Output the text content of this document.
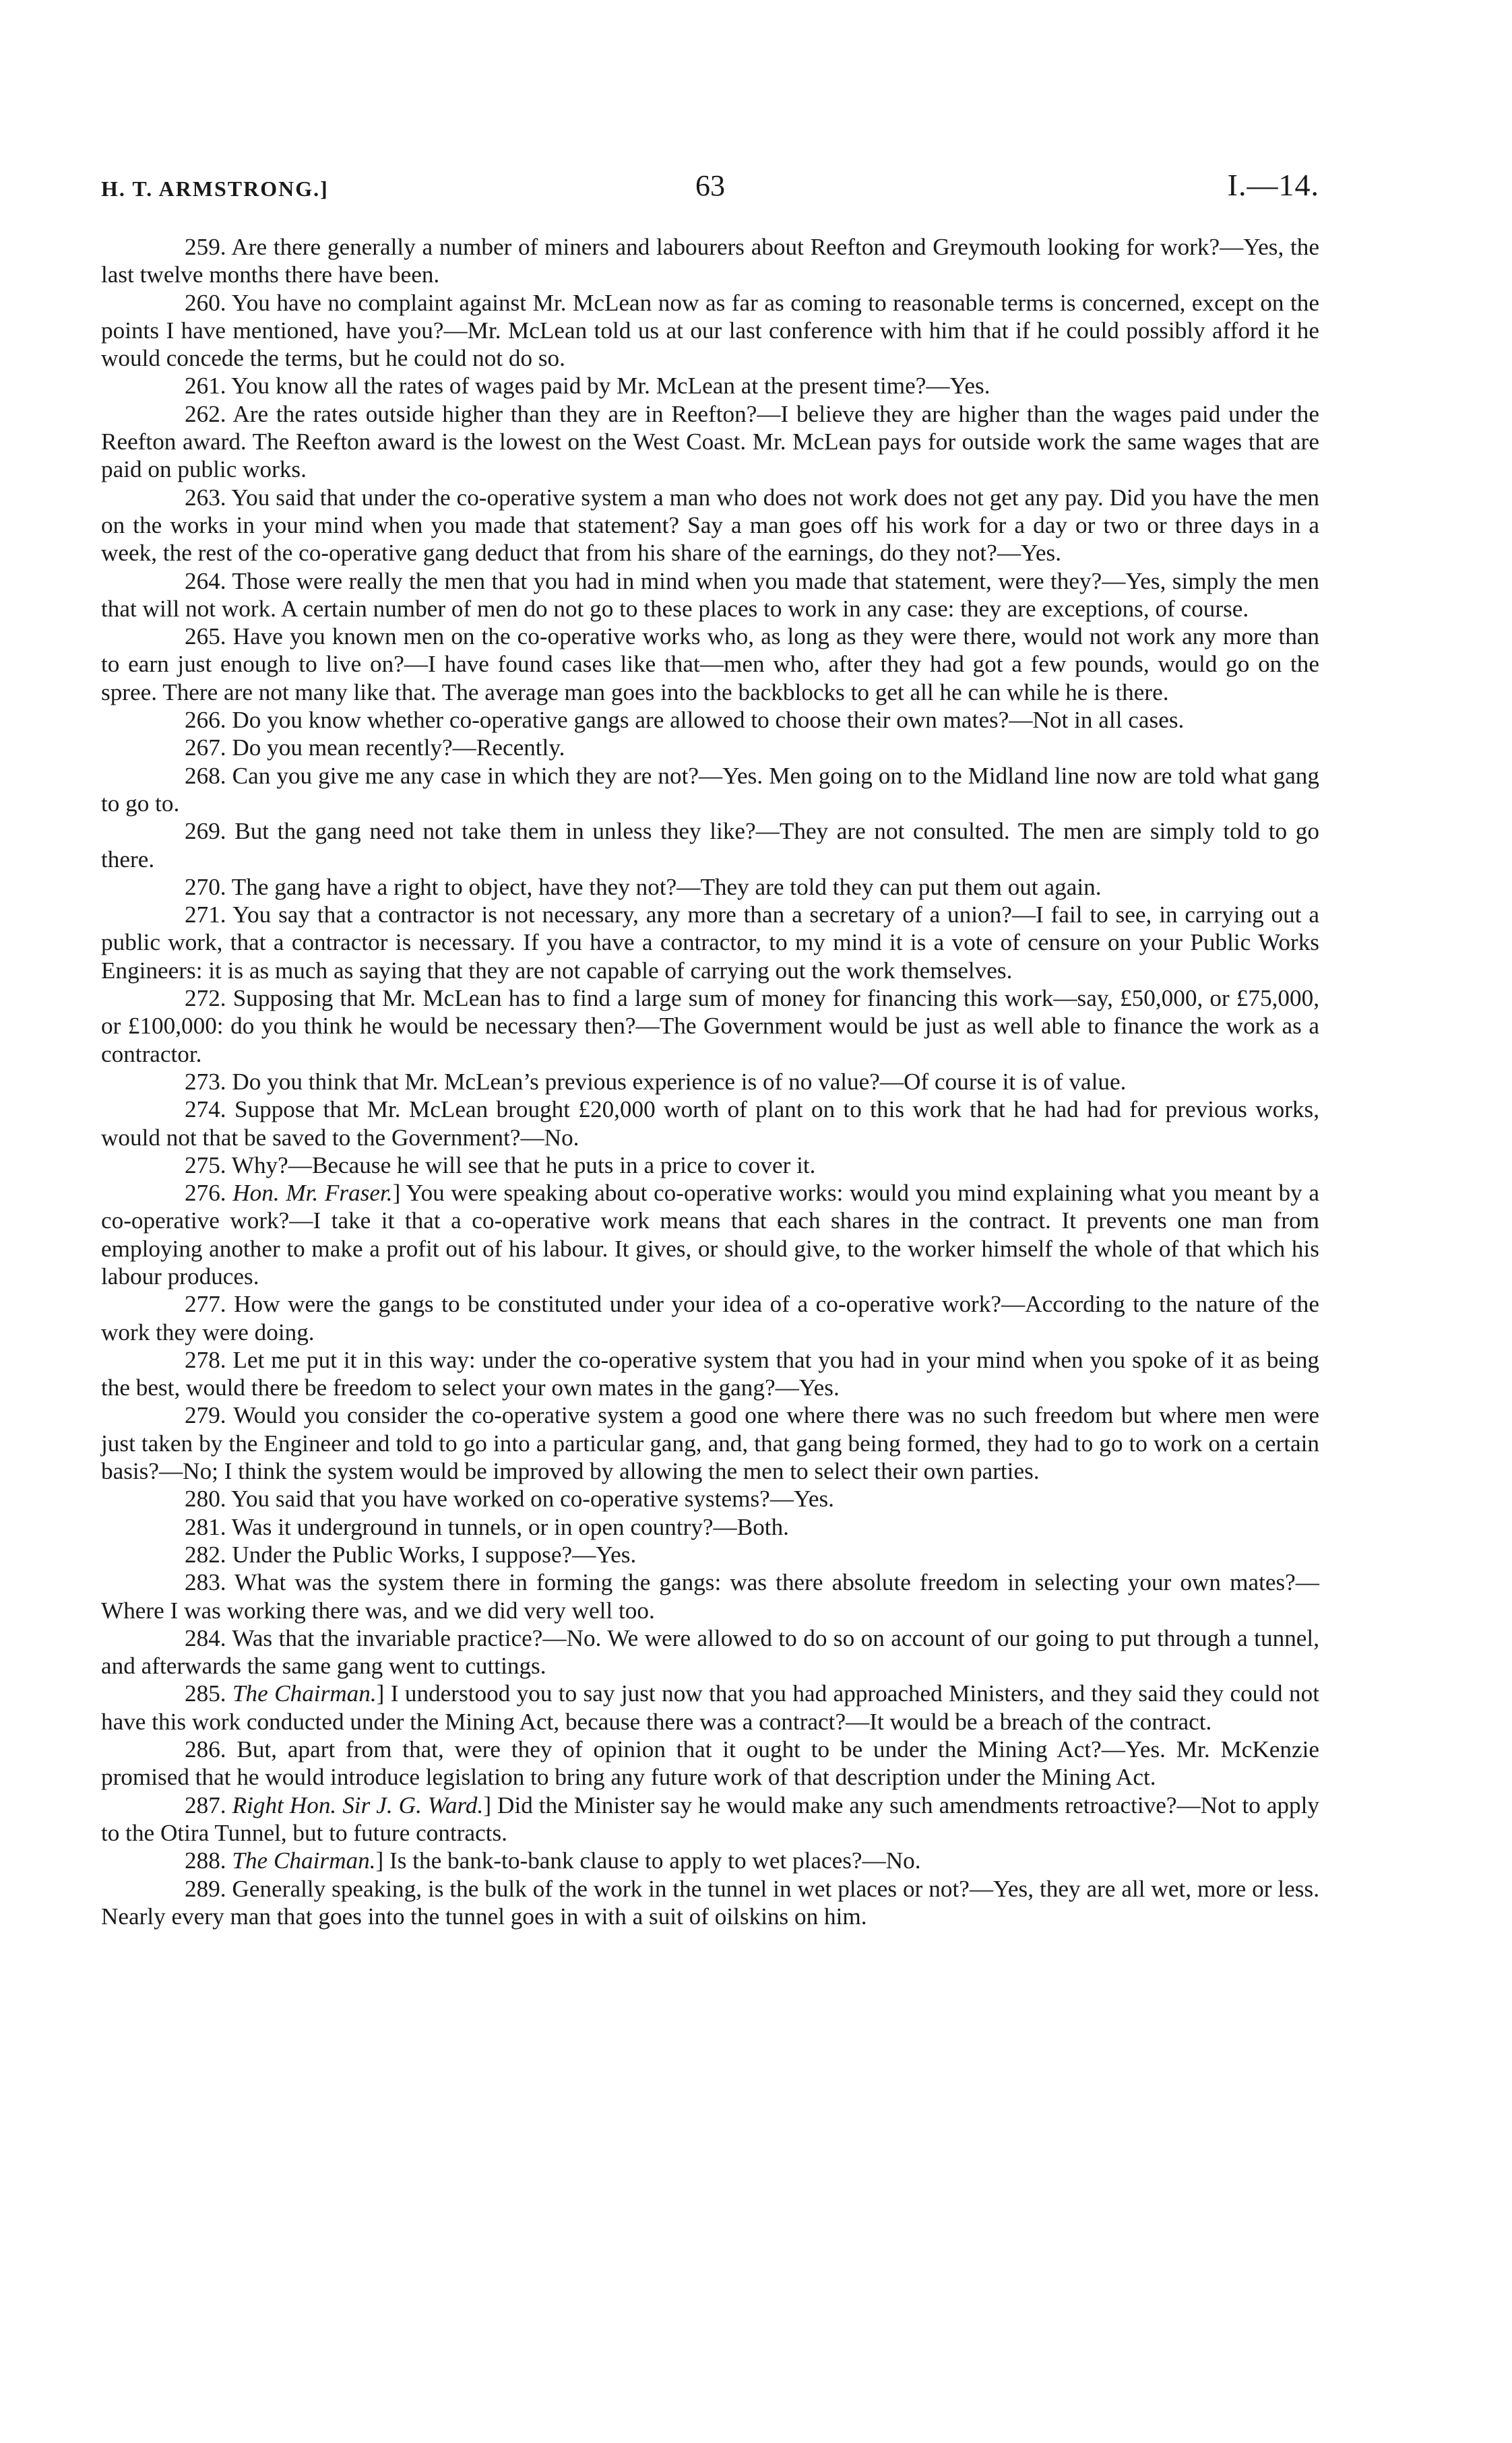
H. T. ARMSTRONG.]	63	I.—14.

259. Are there generally a number of miners and labourers about Reefton and Greymouth looking for work?—Yes, the last twelve months there have been.

260. You have no complaint against Mr. McLean now as far as coming to reasonable terms is concerned, except on the points I have mentioned, have you?—Mr. McLean told us at our last conference with him that if he could possibly afford it he would concede the terms, but he could not do so.

261. You know all the rates of wages paid by Mr. McLean at the present time?—Yes.

262. Are the rates outside higher than they are in Reefton?—I believe they are higher than the wages paid under the Reefton award. The Reefton award is the lowest on the West Coast. Mr. McLean pays for outside work the same wages that are paid on public works.

263. You said that under the co-operative system a man who does not work does not get any pay. Did you have the men on the works in your mind when you made that statement? Say a man goes off his work for a day or two or three days in a week, the rest of the co-operative gang deduct that from his share of the earnings, do they not?—Yes.

264. Those were really the men that you had in mind when you made that statement, were they?—Yes, simply the men that will not work. A certain number of men do not go to these places to work in any case: they are exceptions, of course.

265. Have you known men on the co-operative works who, as long as they were there, would not work any more than to earn just enough to live on?—I have found cases like that—men who, after they had got a few pounds, would go on the spree. There are not many like that. The average man goes into the backblocks to get all he can while he is there.

266. Do you know whether co-operative gangs are allowed to choose their own mates?—Not in all cases.

267. Do you mean recently?—Recently.

268. Can you give me any case in which they are not?—Yes. Men going on to the Midland line now are told what gang to go to.

269. But the gang need not take them in unless they like?—They are not consulted. The men are simply told to go there.

270. The gang have a right to object, have they not?—They are told they can put them out again.

271. You say that a contractor is not necessary, any more than a secretary of a union?—I fail to see, in carrying out a public work, that a contractor is necessary. If you have a contractor, to my mind it is a vote of censure on your Public Works Engineers: it is as much as saying that they are not capable of carrying out the work themselves.

272. Supposing that Mr. McLean has to find a large sum of money for financing this work—say, £50,000, or £75,000, or £100,000: do you think he would be necessary then?—The Government would be just as well able to finance the work as a contractor.

273. Do you think that Mr. McLean’s previous experience is of no value?—Of course it is of value.

274. Suppose that Mr. McLean brought £20,000 worth of plant on to this work that he had had for previous works, would not that be saved to the Government?—No.

275. Why?—Because he will see that he puts in a price to cover it.

276. Hon. Mr. Fraser.] You were speaking about co-operative works: would you mind explaining what you meant by a co-operative work?—I take it that a co-operative work means that each shares in the contract. It prevents one man from employing another to make a profit out of his labour. It gives, or should give, to the worker himself the whole of that which his labour produces.

277. How were the gangs to be constituted under your idea of a co-operative work?—According to the nature of the work they were doing.

278. Let me put it in this way: under the co-operative system that you had in your mind when you spoke of it as being the best, would there be freedom to select your own mates in the gang?—Yes.

279. Would you consider the co-operative system a good one where there was no such freedom but where men were just taken by the Engineer and told to go into a particular gang, and, that gang being formed, they had to go to work on a certain basis?—No; I think the system would be improved by allowing the men to select their own parties.

280. You said that you have worked on co-operative systems?—Yes.

281. Was it underground in tunnels, or in open country?—Both.

282. Under the Public Works, I suppose?—Yes.

283. What was the system there in forming the gangs: was there absolute freedom in selecting your own mates?—Where I was working there was, and we did very well too.

284. Was that the invariable practice?—No. We were allowed to do so on account of our going to put through a tunnel, and afterwards the same gang went to cuttings.

285. The Chairman.] I understood you to say just now that you had approached Ministers, and they said they could not have this work conducted under the Mining Act, because there was a contract?—It would be a breach of the contract.

286. But, apart from that, were they of opinion that it ought to be under the Mining Act?—Yes. Mr. McKenzie promised that he would introduce legislation to bring any future work of that description under the Mining Act.

287. Right Hon. Sir J. G. Ward.] Did the Minister say he would make any such amendments retroactive?—Not to apply to the Otira Tunnel, but to future contracts.

288. The Chairman.] Is the bank-to-bank clause to apply to wet places?—No.

289. Generally speaking, is the bulk of the work in the tunnel in wet places or not?—Yes, they are all wet, more or less. Nearly every man that goes into the tunnel goes in with a suit of oilskins on him.
